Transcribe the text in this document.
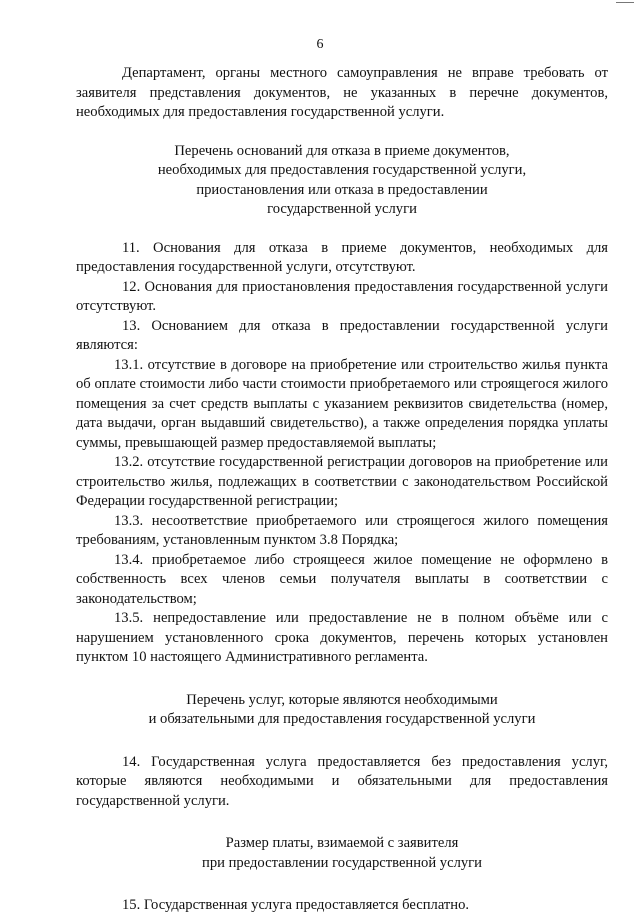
6

Департамент, органы местного самоуправления не вправе требовать от заявителя представления документов, не указанных в перечне документов, необходимых для предоставления государственной услуги.

Перечень оснований для отказа в приеме документов,
необходимых для предоставления государственной услуги,
приостановления или отказа в предоставлении
государственной услуги

11. Основания для отказа в приеме документов, необходимых для предоставления государственной услуги, отсутствуют.

12. Основания для приостановления предоставления государственной услуги отсутствуют.

13. Основанием для отказа в предоставлении государственной услуги являются:

13.1. отсутствие в договоре на приобретение или строительство жилья пункта об оплате стоимости либо части стоимости приобретаемого или строящегося жилого помещения за счет средств выплаты с указанием реквизитов свидетельства (номер, дата выдачи, орган выдавший свидетельство), а также определения порядка уплаты суммы, превышающей размер предоставляемой выплаты;

13.2. отсутствие государственной регистрации договоров на приобретение или строительство жилья, подлежащих в соответствии с законодательством Российской Федерации государственной регистрации;

13.3. несоответствие приобретаемого или строящегося жилого помещения требованиям, установленным пунктом 3.8 Порядка;

13.4. приобретаемое либо строящееся жилое помещение не оформлено в собственность всех членов семьи получателя выплаты в соответствии с законодательством;

13.5. непредоставление или предоставление не в полном объёме или с нарушением установленного срока документов, перечень которых установлен пунктом 10 настоящего Административного регламента.

Перечень услуг, которые являются необходимыми
и обязательными для предоставления государственной услуги

14. Государственная услуга предоставляется без предоставления услуг, которые являются необходимыми и обязательными для предоставления государственной услуги.

Размер платы, взимаемой с заявителя
при предоставлении государственной услуги

15. Государственная услуга предоставляется бесплатно.
